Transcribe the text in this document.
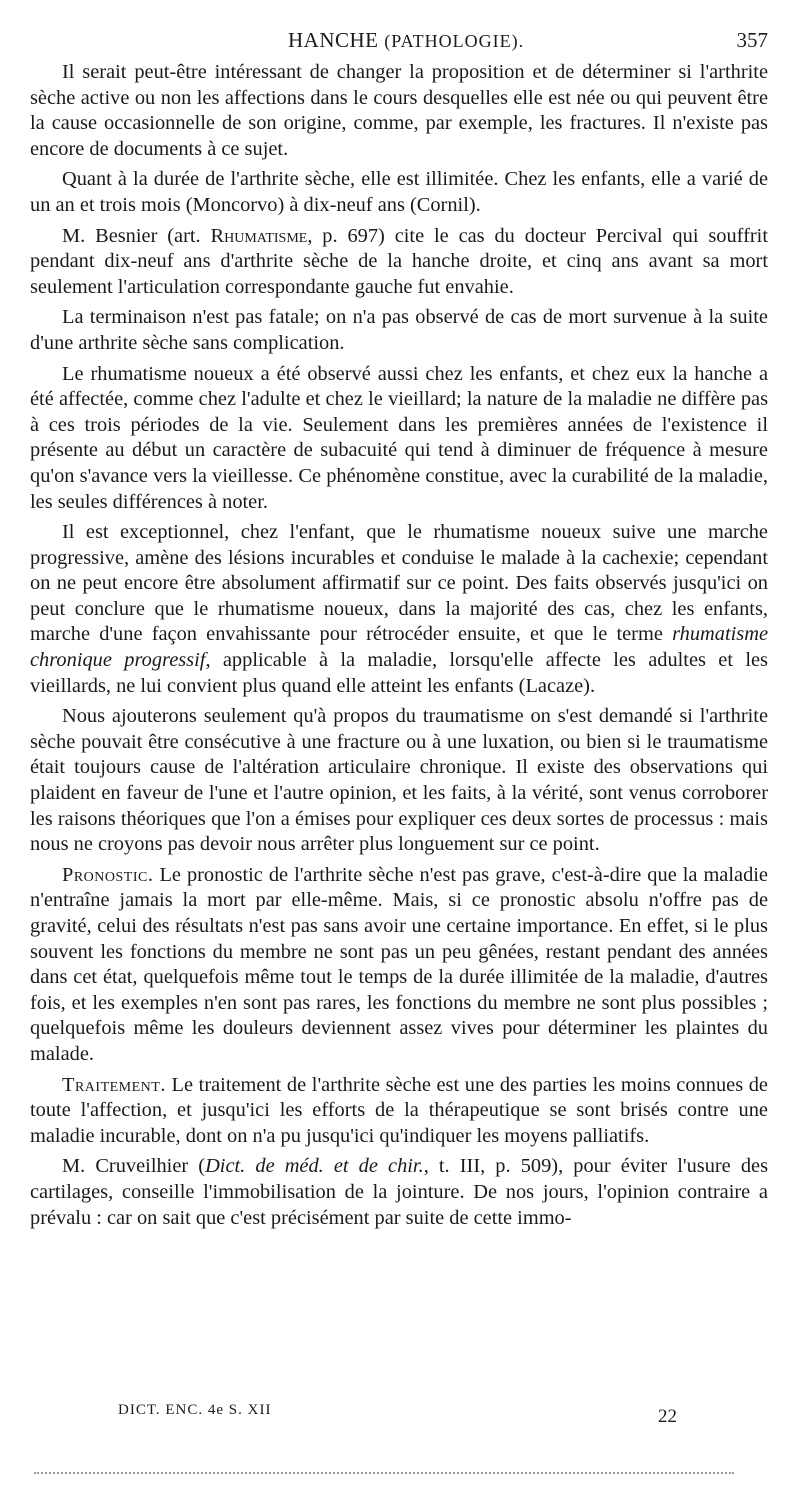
HANCHE (PATHOLOGIE).	357

Il serait peut-être intéressant de changer la proposition et de déterminer si l'arthrite sèche active ou non les affections dans le cours desquelles elle est née ou qui peuvent être la cause occasionnelle de son origine, comme, par exemple, les fractures. Il n'existe pas encore de documents à ce sujet.

Quant à la durée de l'arthrite sèche, elle est illimitée. Chez les enfants, elle a varié de un an et trois mois (Moncorvo) à dix-neuf ans (Cornil).

M. Besnier (art. Rhumatisme, p. 697) cite le cas du docteur Percival qui souffrit pendant dix-neuf ans d'arthrite sèche de la hanche droite, et cinq ans avant sa mort seulement l'articulation correspondante gauche fut envahie.

La terminaison n'est pas fatale; on n'a pas observé de cas de mort survenue à la suite d'une arthrite sèche sans complication.

Le rhumatisme noueux a été observé aussi chez les enfants, et chez eux la hanche a été affectée, comme chez l'adulte et chez le vieillard; la nature de la maladie ne diffère pas à ces trois périodes de la vie. Seulement dans les premières années de l'existence il présente au début un caractère de subacuité qui tend à diminuer de fréquence à mesure qu'on s'avance vers la vieillesse. Ce phénomène constitue, avec la curabilité de la maladie, les seules différences à noter.

Il est exceptionnel, chez l'enfant, que le rhumatisme noueux suive une marche progressive, amène des lésions incurables et conduise le malade à la cachexie; cependant on ne peut encore être absolument affirmatif sur ce point. Des faits observés jusqu'ici on peut conclure que le rhumatisme noueux, dans la majorité des cas, chez les enfants, marche d'une façon envahissante pour rétrocéder ensuite, et que le terme rhumatisme chronique progressif, applicable à la maladie, lorsqu'elle affecte les adultes et les vieillards, ne lui convient plus quand elle atteint les enfants (Lacaze).

Nous ajouterons seulement qu'à propos du traumatisme on s'est demandé si l'arthrite sèche pouvait être consécutive à une fracture ou à une luxation, ou bien si le traumatisme était toujours cause de l'altération articulaire chronique. Il existe des observations qui plaident en faveur de l'une et l'autre opinion, et les faits, à la vérité, sont venus corroborer les raisons théoriques que l'on a émises pour expliquer ces deux sortes de processus : mais nous ne croyons pas devoir nous arrêter plus longuement sur ce point.

Pronostic. Le pronostic de l'arthrite sèche n'est pas grave, c'est-à-dire que la maladie n'entraîne jamais la mort par elle-même. Mais, si ce pronostic absolu n'offre pas de gravité, celui des résultats n'est pas sans avoir une certaine importance. En effet, si le plus souvent les fonctions du membre ne sont pas un peu gênées, restant pendant des années dans cet état, quelquefois même tout le temps de la durée illimitée de la maladie, d'autres fois, et les exemples n'en sont pas rares, les fonctions du membre ne sont plus possibles ; quelquefois même les douleurs deviennent assez vives pour déterminer les plaintes du malade.

Traitement. Le traitement de l'arthrite sèche est une des parties les moins connues de toute l'affection, et jusqu'ici les efforts de la thérapeutique se sont brisés contre une maladie incurable, dont on n'a pu jusqu'ici qu'indiquer les moyens palliatifs.

M. Cruveilhier (Dict. de méd. et de chir., t. III, p. 509), pour éviter l'usure des cartilages, conseille l'immobilisation de la jointure. De nos jours, l'opinion contraire a prévalu : car on sait que c'est précisément par suite de cette immo-

DICT. ENC. 4e S. XII	22
